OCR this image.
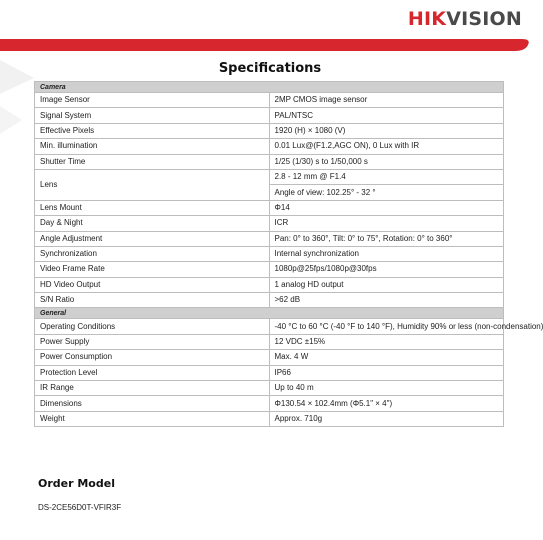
HIKVISION
Specifications
Camera	
Image Sensor	2MP CMOS image sensor
Signal System	PAL/NTSC
Effective Pixels	1920 (H) × 1080 (V)
Min. illumination	0.01 Lux@(F1.2,AGC ON), 0 Lux with IR
Shutter Time	1/25 (1/30) s to 1/50,000 s
Lens	2.8 - 12 mm @ F1.4
	Angle of view: 102.25° - 32 °
Lens Mount	Φ14
Day & Night	ICR
Angle Adjustment	Pan: 0° to 360°, Tilt: 0° to 75°, Rotation: 0° to 360°
Synchronization	Internal synchronization
Video Frame Rate	1080p@25fps/1080p@30fps
HD Video Output	1 analog HD output
S/N Ratio	>62 dB
General	
Operating Conditions	-40 °C to 60 °C (-40 °F to 140 °F), Humidity 90% or less (non-condensation)
Power Supply	12 VDC ±15%
Power Consumption	Max. 4 W
Protection Level	IP66
IR Range	Up to 40 m
Dimensions	Φ130.54 × 102.4mm (Φ5.1" × 4")
Weight	Approx. 710g
Order Model
DS-2CE56D0T-VFIR3F
